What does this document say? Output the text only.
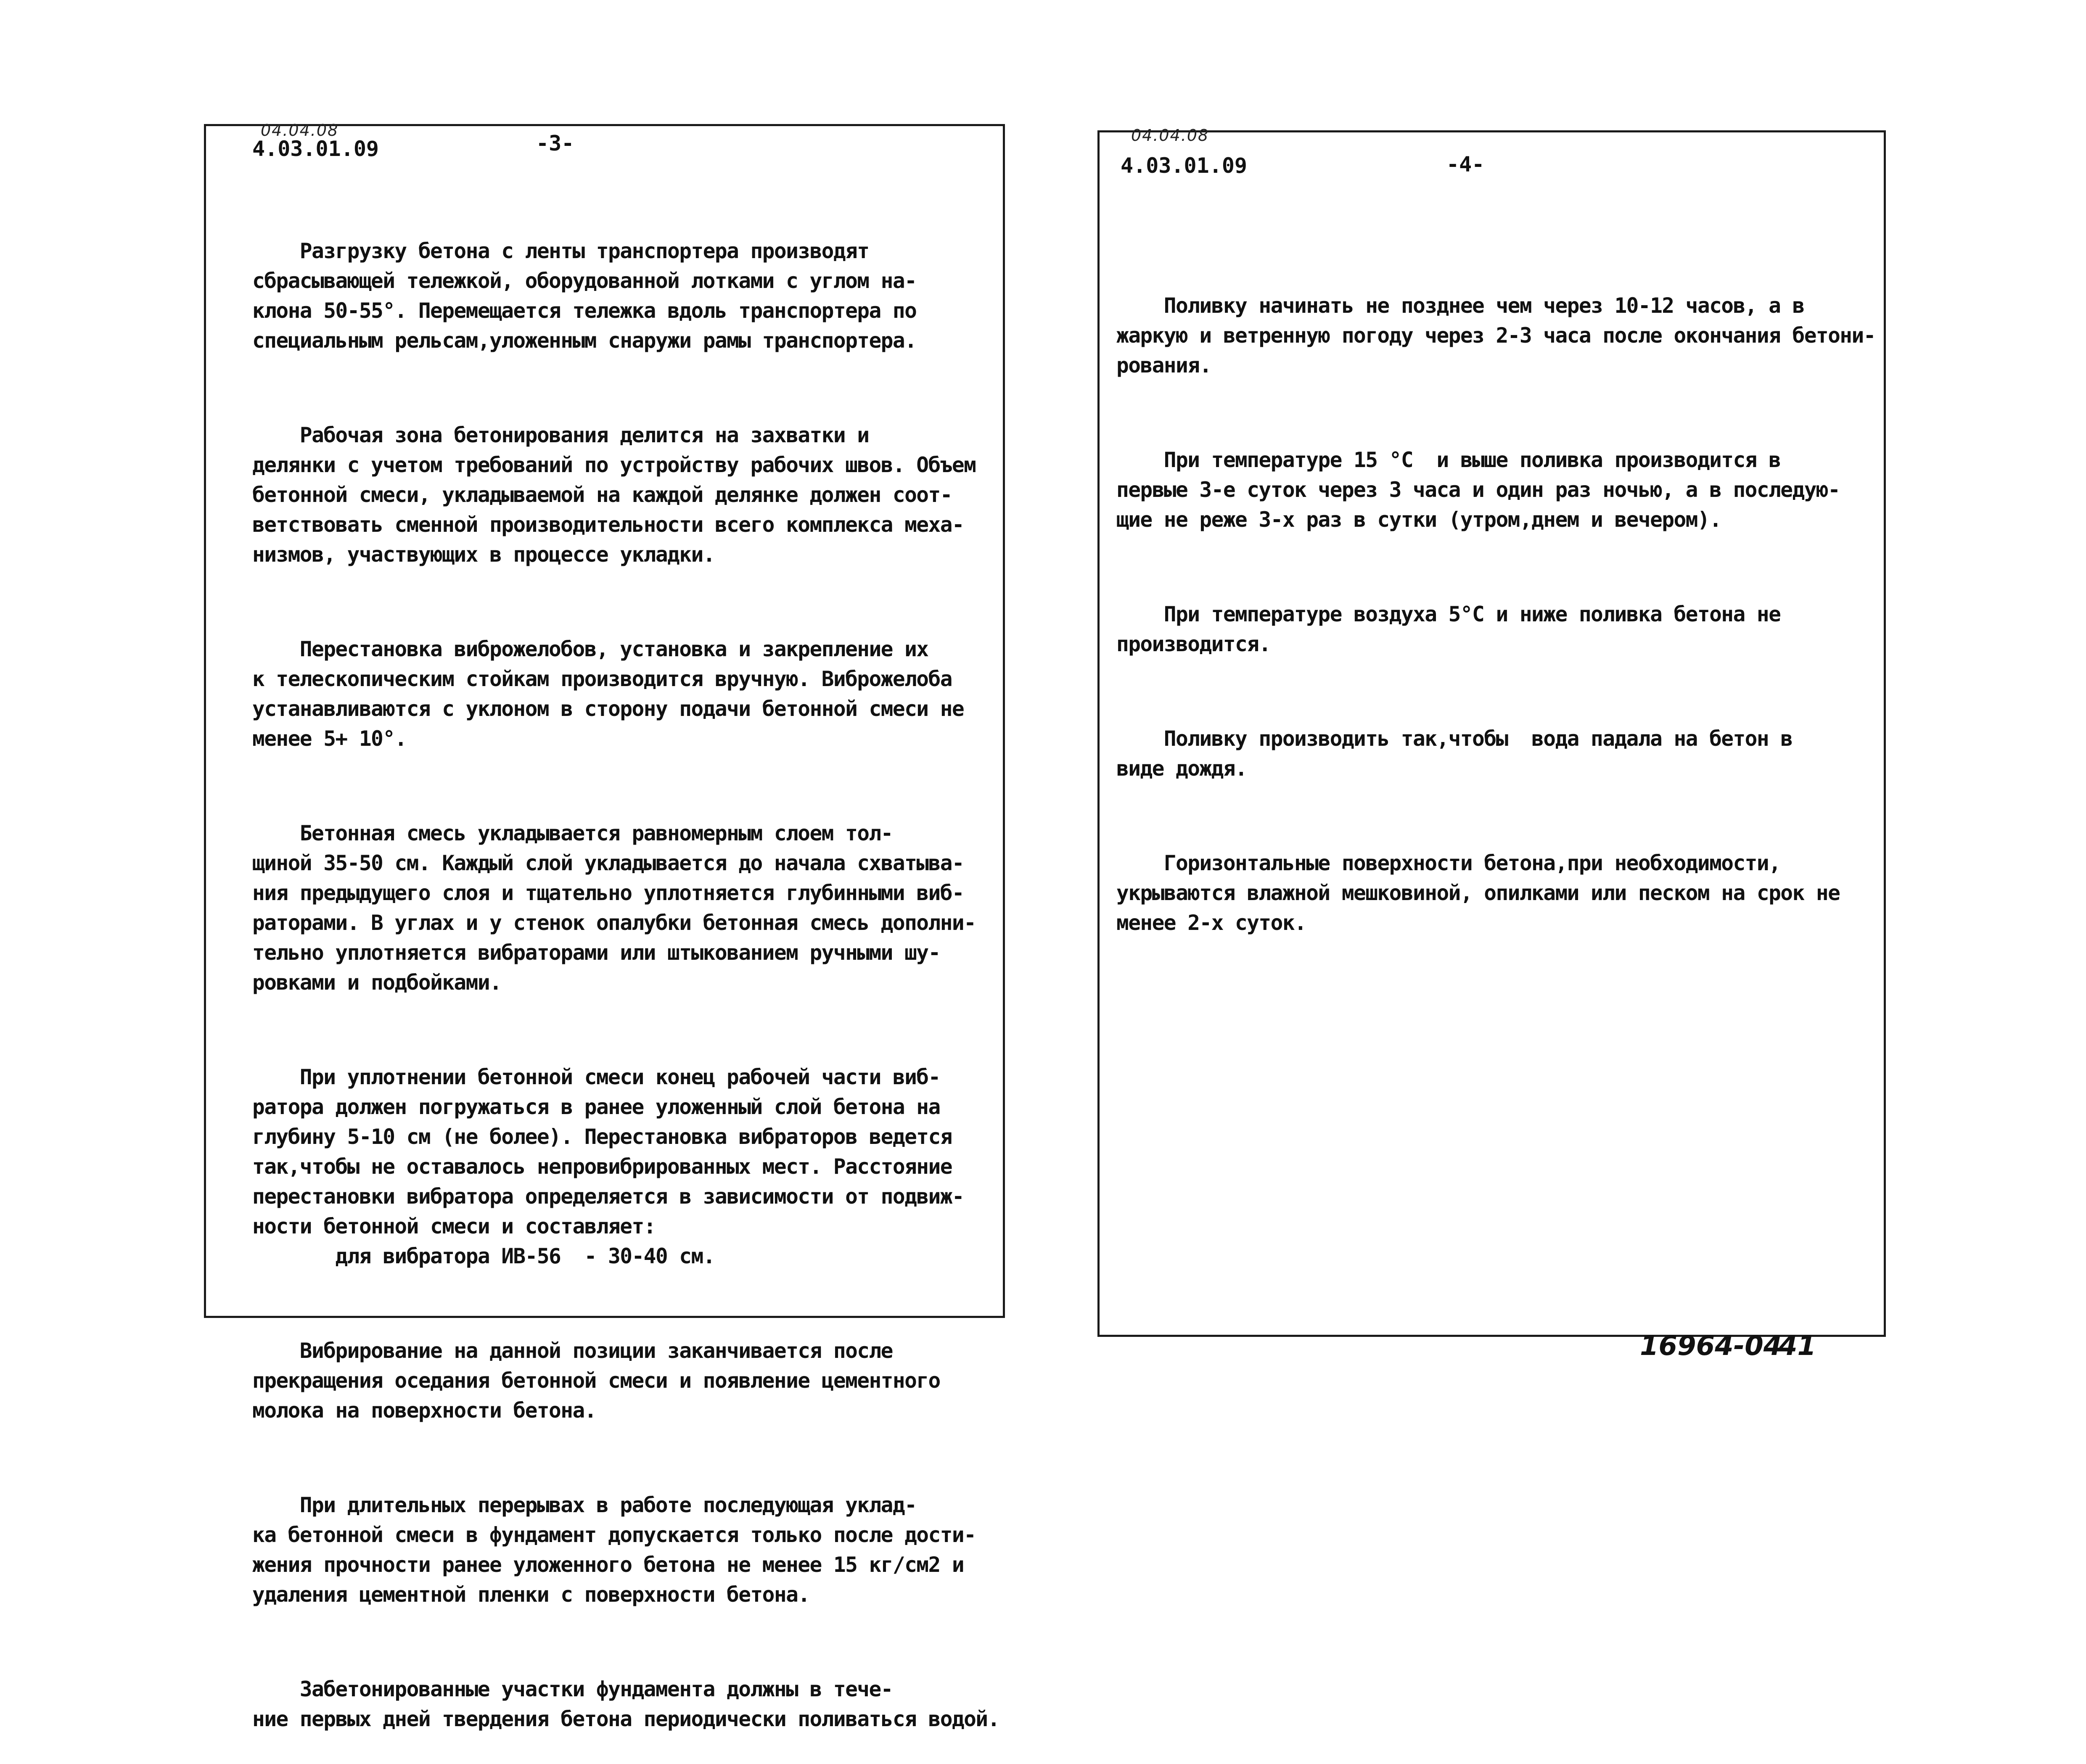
04.04.08
4.03.01.09	-3-

Разгрузку бетона с ленты транспортера производят
сбрасывающей тележкой, оборудованной лотками с углом на-
клона 50-55°. Перемещается тележка вдоль транспортера по
специальным рельсам,уложенным снаружи рамы транспортера.

Рабочая зона бетонирования делится на захватки и
делянки с учетом требований по устройству рабочих швов. Объем
бетонной смеси, укладываемой на каждой делянке должен соот-
ветствовать сменной производительности всего комплекса меха-
низмов, участвующих в процессе укладки.

Перестановка виброжелобов, установка и закрепление их
к телескопическим стойкам производится вручную. Виброжелоба
устанавливаются с уклоном в сторону подачи бетонной смеси не
менее 5+ 10°.

Бетонная смесь укладывается равномерным слоем тол-
щиной 35-50 см. Каждый слой укладывается до начала схватыва-
ния предыдущего слоя и тщательно уплотняется глубинными виб-
раторами. В углах и у стенок опалубки бетонная смесь дополни-
тельно уплотняется вибраторами или штыкованием ручными шу-
ровками и подбойками.

При уплотнении бетонной смеси конец рабочей части виб-
ратора должен погружаться в ранее уложенный слой бетона на
глубину 5-10 см (не более). Перестановка вибраторов ведется
так,чтобы не оставалось непровибрированных мест. Расстояние
перестановки вибратора определяется в зависимости от подвиж-
ности бетонной смеси и составляет:
для вибратора ИВ-56  - 30-40 см.

Вибрирование на данной позиции заканчивается после
прекращения оседания бетонной смеси и появление цементного
молока на поверхности бетона.

При длительных перерывах в работе последующая уклад-
ка бетонной смеси в фундамент допускается только после дости-
жения прочности ранее уложенного бетона не менее 15 кг/см2 и
удаления цементной пленки с поверхности бетона.

Забетонированные участки фундамента должны в тече-
ние первых дней твердения бетона периодически поливаться водой.

04.04.08
4.03.01.09	-4-

Поливку начинать не позднее чем через 10-12 часов, а в
жаркую и ветренную погоду через 2-3 часа после окончания бетони-
рования.

При температуре 15 °С  и выше поливка производится в
первые 3-е суток через 3 часа и один раз ночью, а в последую-
щие не реже 3-х раз в сутки (утром,днем и вечером).

При температуре воздуха 5°С и ниже поливка бетона не
производится.

Поливку производить так,чтобы  вода падала на бетон в
виде дождя.

Горизонтальные поверхности бетона,при необходимости,
укрываются влажной мешковиной, опилками или песком на срок не
менее 2-х суток.

16964-04
41
